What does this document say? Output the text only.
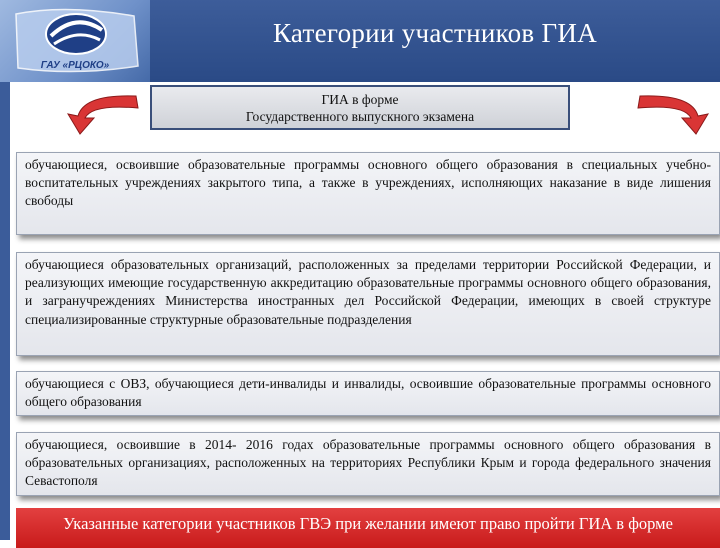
ГАУ «РЦОКО»
Категории участников ГИА
ГИА в форме
Государственного выпускного экзамена
обучающиеся, освоившие образовательные программы основного общего образования в специальных учебно-воспитательных учреждениях закрытого типа, а также в учреждениях, исполняющих наказание в виде лишения свободы
обучающиеся образовательных организаций, расположенных за пределами территории Российской Федерации, и реализующих имеющие государственную аккредитацию образовательные программы основного общего образования, и загранучреждениях Министерства иностранных дел Российской Федерации, имеющих в своей структуре специализированные структурные образовательные подразделения
обучающиеся с ОВЗ, обучающиеся дети-инвалиды и инвалиды, освоившие образовательные программы основного общего образования
обучающиеся, освоившие в 2014- 2016 годах образовательные программы основного общего образования в образовательных организациях, расположенных на территориях Республики Крым и города федерального значения Севастополя
Указанные категории участников ГВЭ при желании имеют право пройти ГИА в форме
